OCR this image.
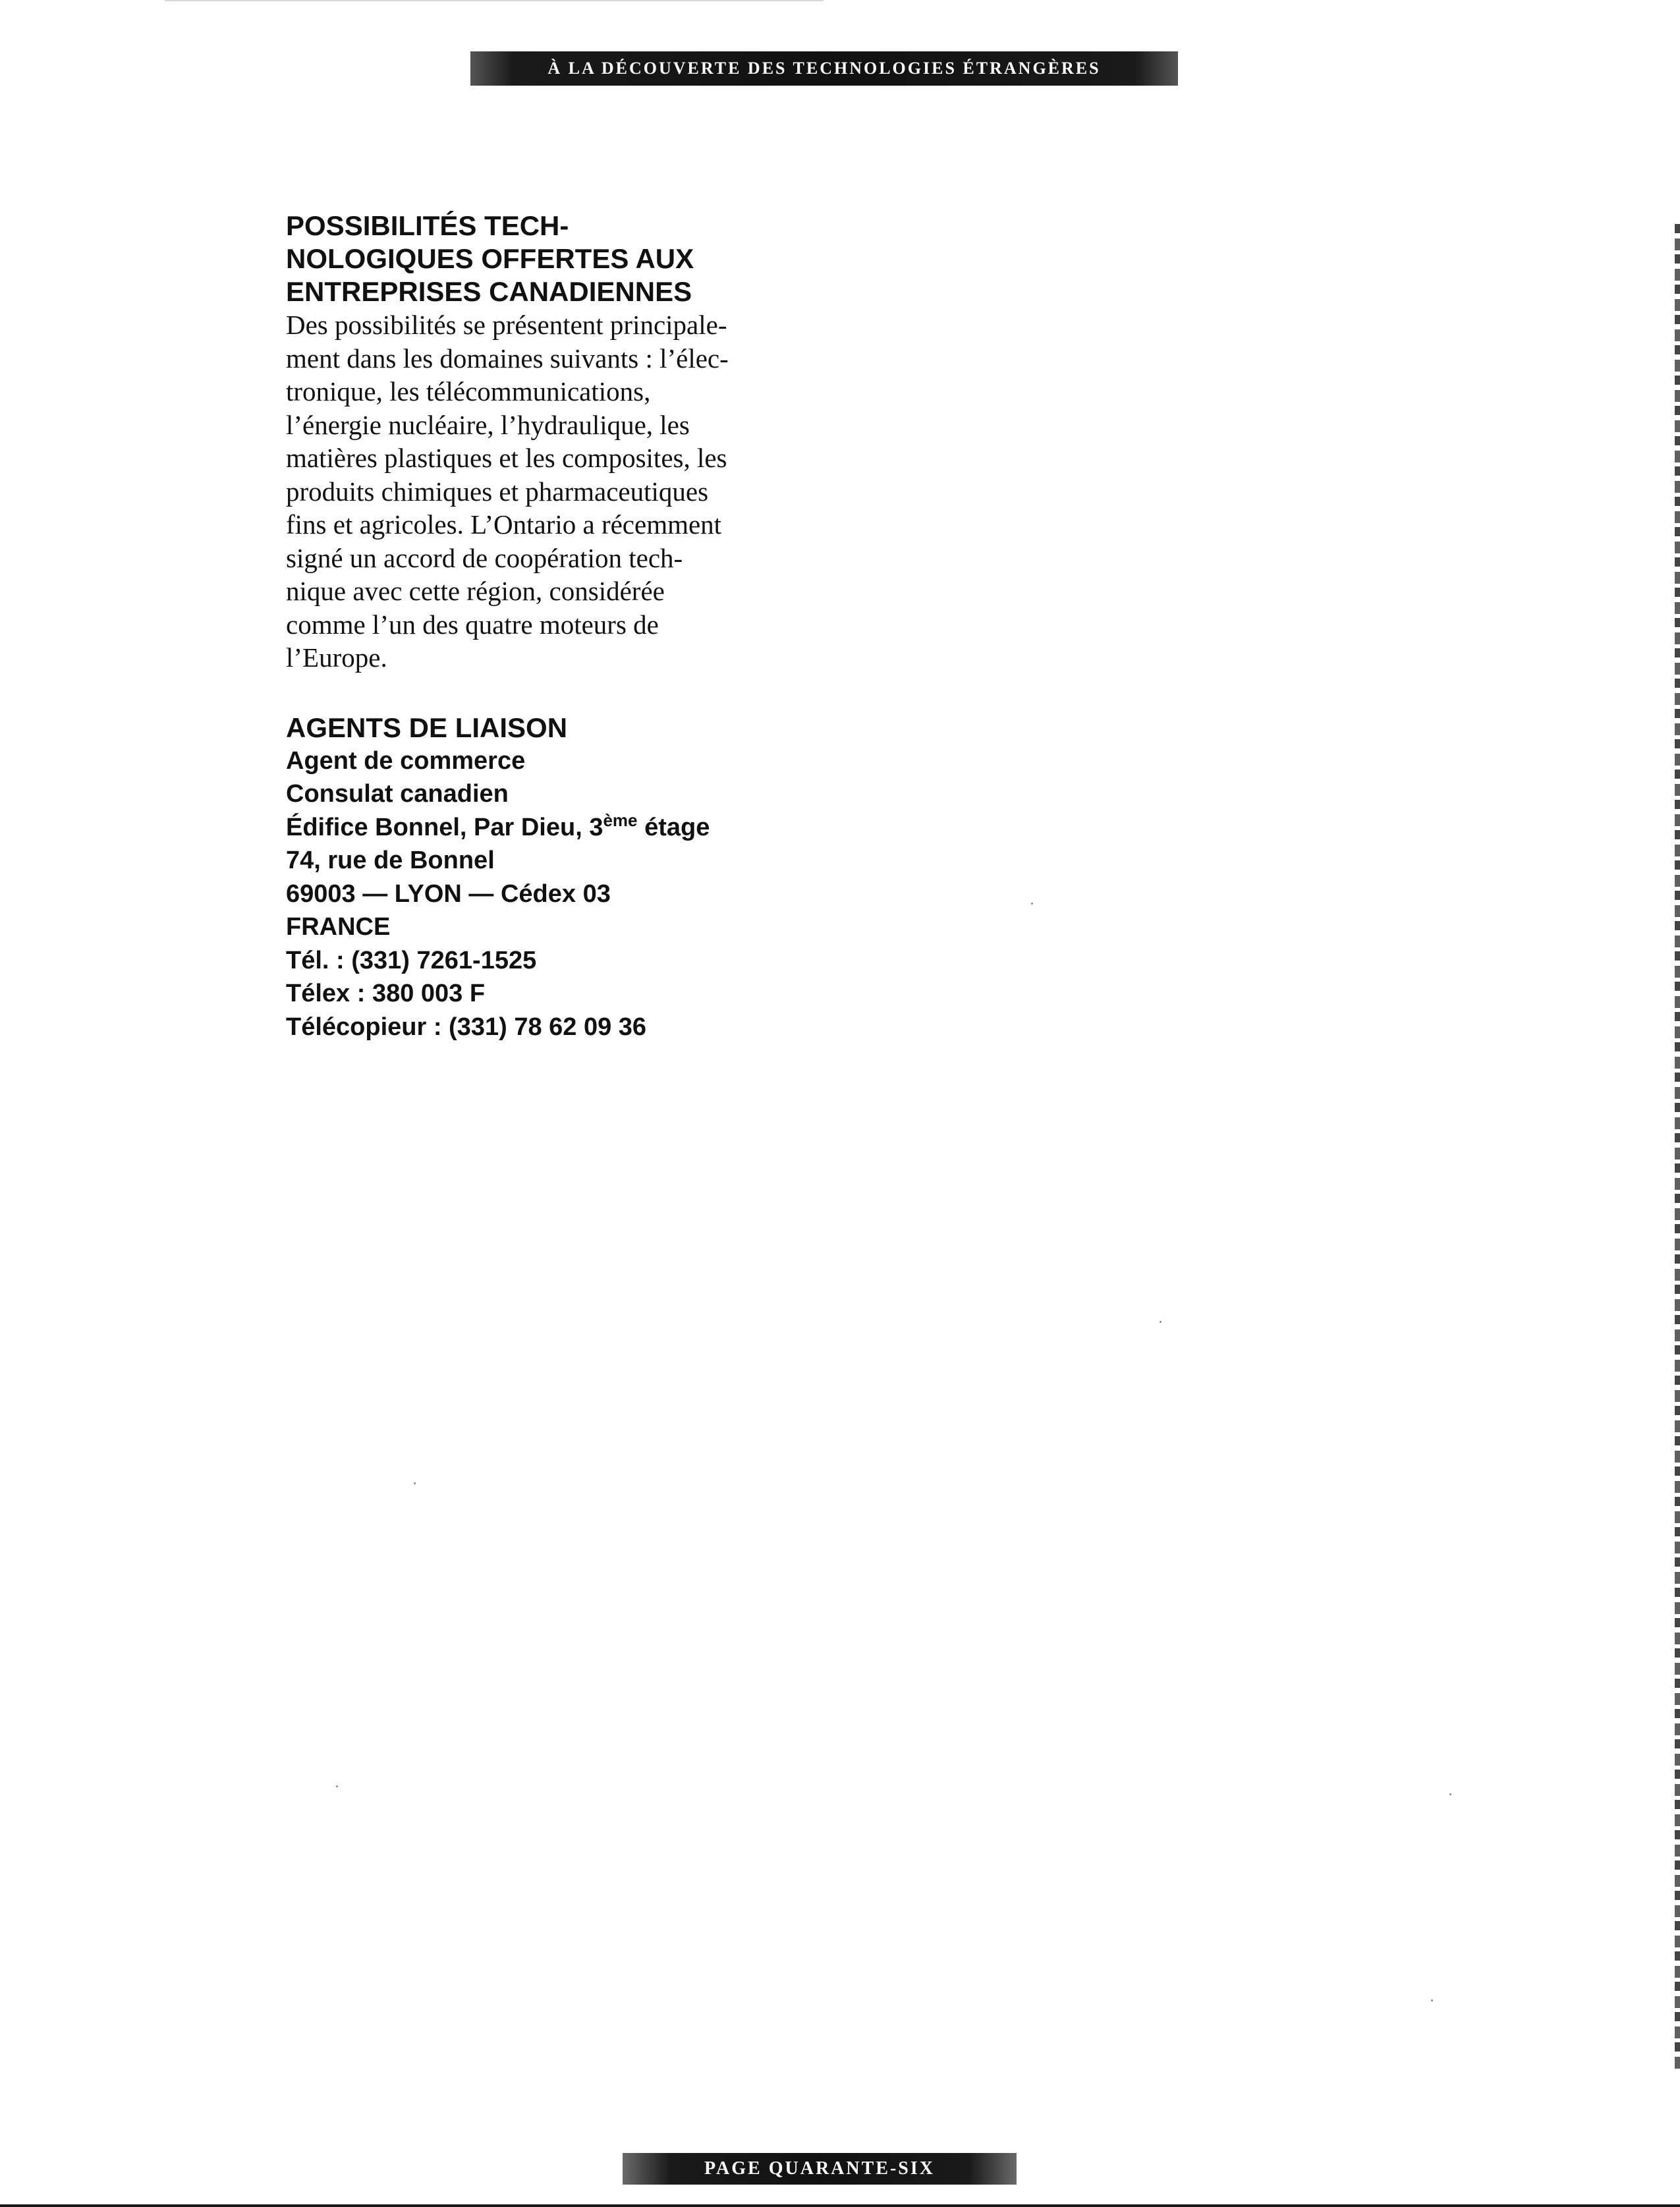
À LA DÉCOUVERTE DES TECHNOLOGIES ÉTRANGÈRES
POSSIBILITÉS TECH-
NOLOGIQUES OFFERTES AUX
ENTREPRISES CANADIENNES

Des possibilités se présentent principale-
ment dans les domaines suivants : l’élec-
tronique, les télécommunications,
l’énergie nucléaire, l’hydraulique, les
matières plastiques et les composites, les
produits chimiques et pharmaceutiques
fins et agricoles. L’Ontario a récemment
signé un accord de coopération tech-
nique avec cette région, considérée
comme l’un des quatre moteurs de
l’Europe.

AGENTS DE LIAISON

Agent de commerce
Consulat canadien
Édifice Bonnel, Par Dieu, 3ème étage
74, rue de Bonnel
69003 — LYON — Cédex 03
FRANCE
Tél. : (331) 7261-1525
Télex : 380 003 F
Télécopieur : (331) 78 62 09 36

PAGE QUARANTE-SIX
